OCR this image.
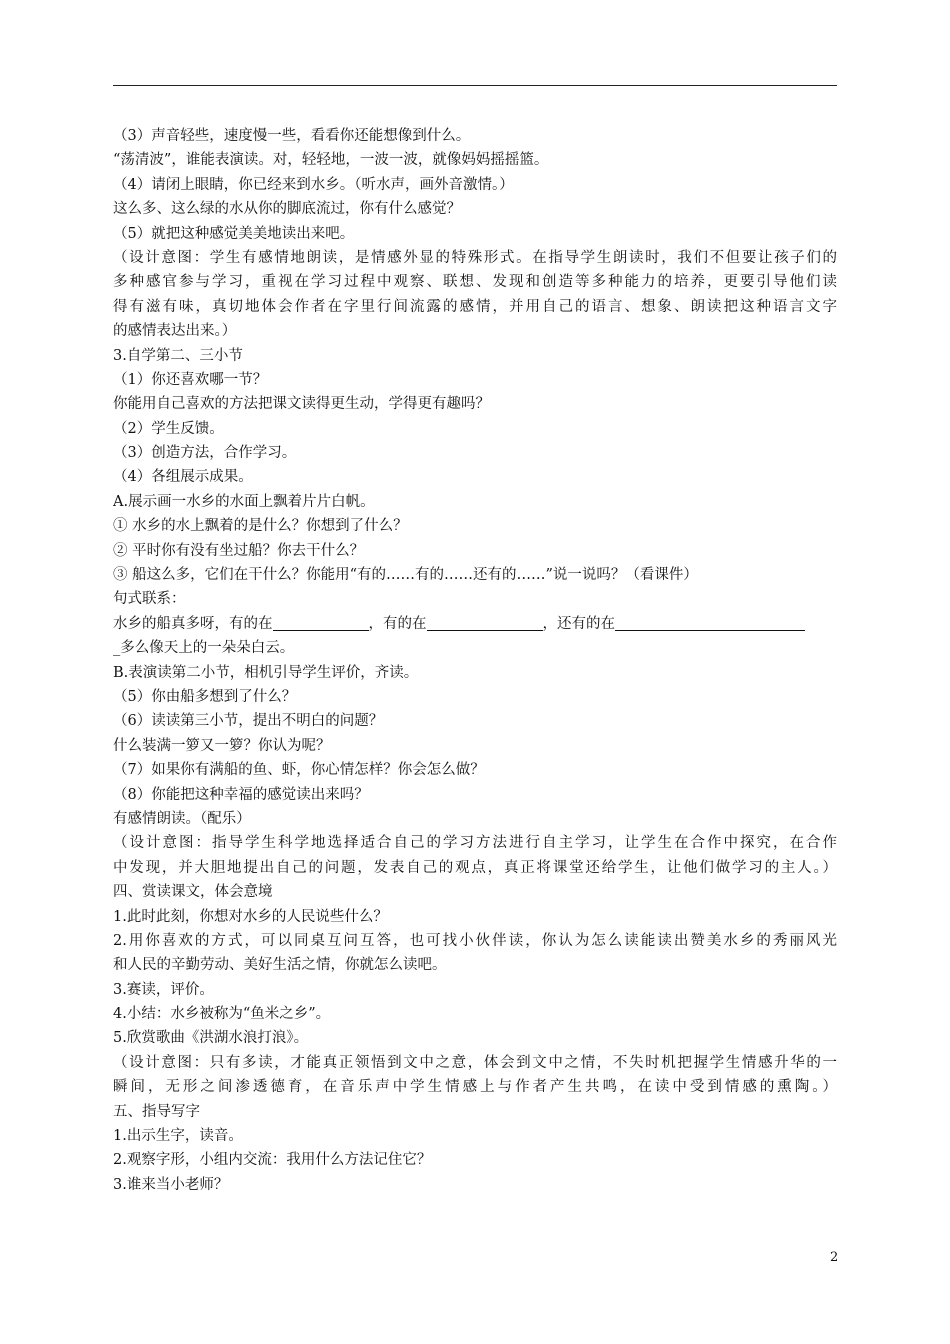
（3）声音轻些，速度慢一些，看看你还能想像到什么。
“荡清波”，谁能表演读。对，轻轻地，一波一波，就像妈妈摇摇篮。
（4）请闭上眼睛，你已经来到水乡。（听水声，画外音激情。）
这么多、这么绿的水从你的脚底流过，你有什么感觉？
（5）就把这种感觉美美地读出来吧。
（设计意图：学生有感情地朗读，是情感外显的特殊形式。在指导学生朗读时，我们不但要让孩子们的
多种感官参与学习，重视在学习过程中观察、联想、发现和创造等多种能力的培养，更要引导他们读
得有滋有味，真切地体会作者在字里行间流露的感情，并用自己的语言、想象、朗读把这种语言文字
的感情表达出来。）
3.自学第二、三小节
（1）你还喜欢哪一节？
你能用自己喜欢的方法把课文读得更生动，学得更有趣吗？
（2）学生反馈。
（3）创造方法，合作学习。
（4）各组展示成果。
A.展示画一水乡的水面上飘着片片白帆。
① 水乡的水上飘着的是什么？你想到了什么？
② 平时你有没有坐过船？你去干什么？
③ 船这么多，它们在干什么？你能用“有的……有的……还有的……”说一说吗？（看课件）
句式联系：
水乡的船真多呀，有的在	，有的在	，还有的在
_多么像天上的一朵朵白云。
B.表演读第二小节，相机引导学生评价，齐读。
（5）你由船多想到了什么？
（6）读读第三小节，提出不明白的问题？
什么装满一箩又一箩？你认为呢？
（7）如果你有满船的鱼、虾，你心情怎样？你会怎么做？
（8）你能把这种幸福的感觉读出来吗？
有感情朗读。（配乐）
（设计意图：指导学生科学地选择适合自己的学习方法进行自主学习，让学生在合作中探究，在合作
中发现，并大胆地提出自己的问题，发表自己的观点，真正将课堂还给学生，让他们做学习的主人。）
四、赏读课文，体会意境
1.此时此刻，你想对水乡的人民说些什么？
2.用你喜欢的方式，可以同桌互问互答，也可找小伙伴读，你认为怎么读能读出赞美水乡的秀丽风光
和人民的辛勤劳动、美好生活之情，你就怎么读吧。
3.赛读，评价。
4.小结：水乡被称为“鱼米之乡”。
5.欣赏歌曲《洪湖水浪打浪》。
（设计意图：只有多读，才能真正领悟到文中之意，体会到文中之情，不失时机把握学生情感升华的一
瞬间，无形之间渗透德育，在音乐声中学生情感上与作者产生共鸣，在读中受到情感的熏陶。）
五、指导写字
1.出示生字，读音。
2.观察字形，小组内交流：我用什么方法记住它？
3.谁来当小老师？
2
